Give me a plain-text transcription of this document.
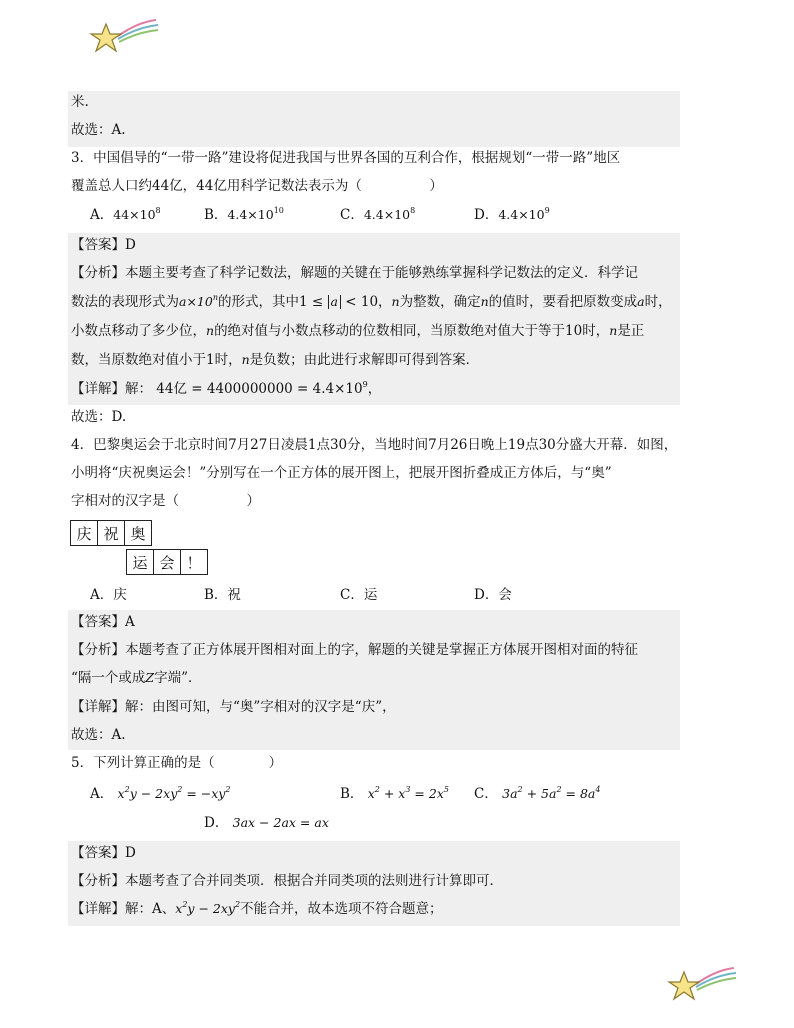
米.
故选：A.
3．中国倡导的“一带一路”建设将促进我国与世界各国的互利合作，根据规划“一带一路”地区
覆盖总人口约44亿，44亿用科学记数法表示为（　　　　　）
A．$44\times 10^8$	B．$4.4\times 10^{10}$	C．$4.4\times 10^8$	D．$4.4\times 10^9$
【答案】D
【分析】本题主要考查了科学记数法，解题的关键在于能够熟练掌握科学记数法的定义．科学记
数法的表现形式为$a\times 10^n$的形式，其中1 ≤ a < 10，n为整数，确定n的值时，要看把原数变成a时，
小数点移动了多少位，n的绝对值与小数点移动的位数相同，当原数绝对值大于等于10时，n是正
数，当原数绝对值小于1时，n是负数；由此进行求解即可得到答案．
【详解】解： 44亿 = $4400000000 = 4.4\times 10^9$，
故选：D.
4．巴黎奥运会于北京时间7月27日凌晨1点30分，当地时间7月26日晚上19点30分盛大开幕．如图，
小明将“庆祝奥运会！”分别写在一个正方体的展开图上，把展开图折叠成正方体后，与“奥”
字相对的汉字是（　　　　　）
庆	祝	奥
运	会	！
A．庆	B．祝	C．运	D．会
【答案】A
【分析】本题考查了正方体展开图相对面上的字，解题的关键是掌握正方体展开图相对面的特征
“隔一个或成Z字端”．
【详解】解：由图可知，与“奥”字相对的汉字是“庆”，
故选：A.
5．下列计算正确的是（　　　　）
A． $x^2y - 2xy^2 = -xy^2$	B． $x^2 + x^3 = 2x^5$ C． $3a^2 + 5a^2 = 8a^4$
D． 3ax − 2ax = ax
【答案】D
【分析】本题考查了合并同类项．根据合并同类项的法则进行计算即可．
【详解】解：A、$x^2y - 2xy^2$不能合并，故本选项不符合题意；
